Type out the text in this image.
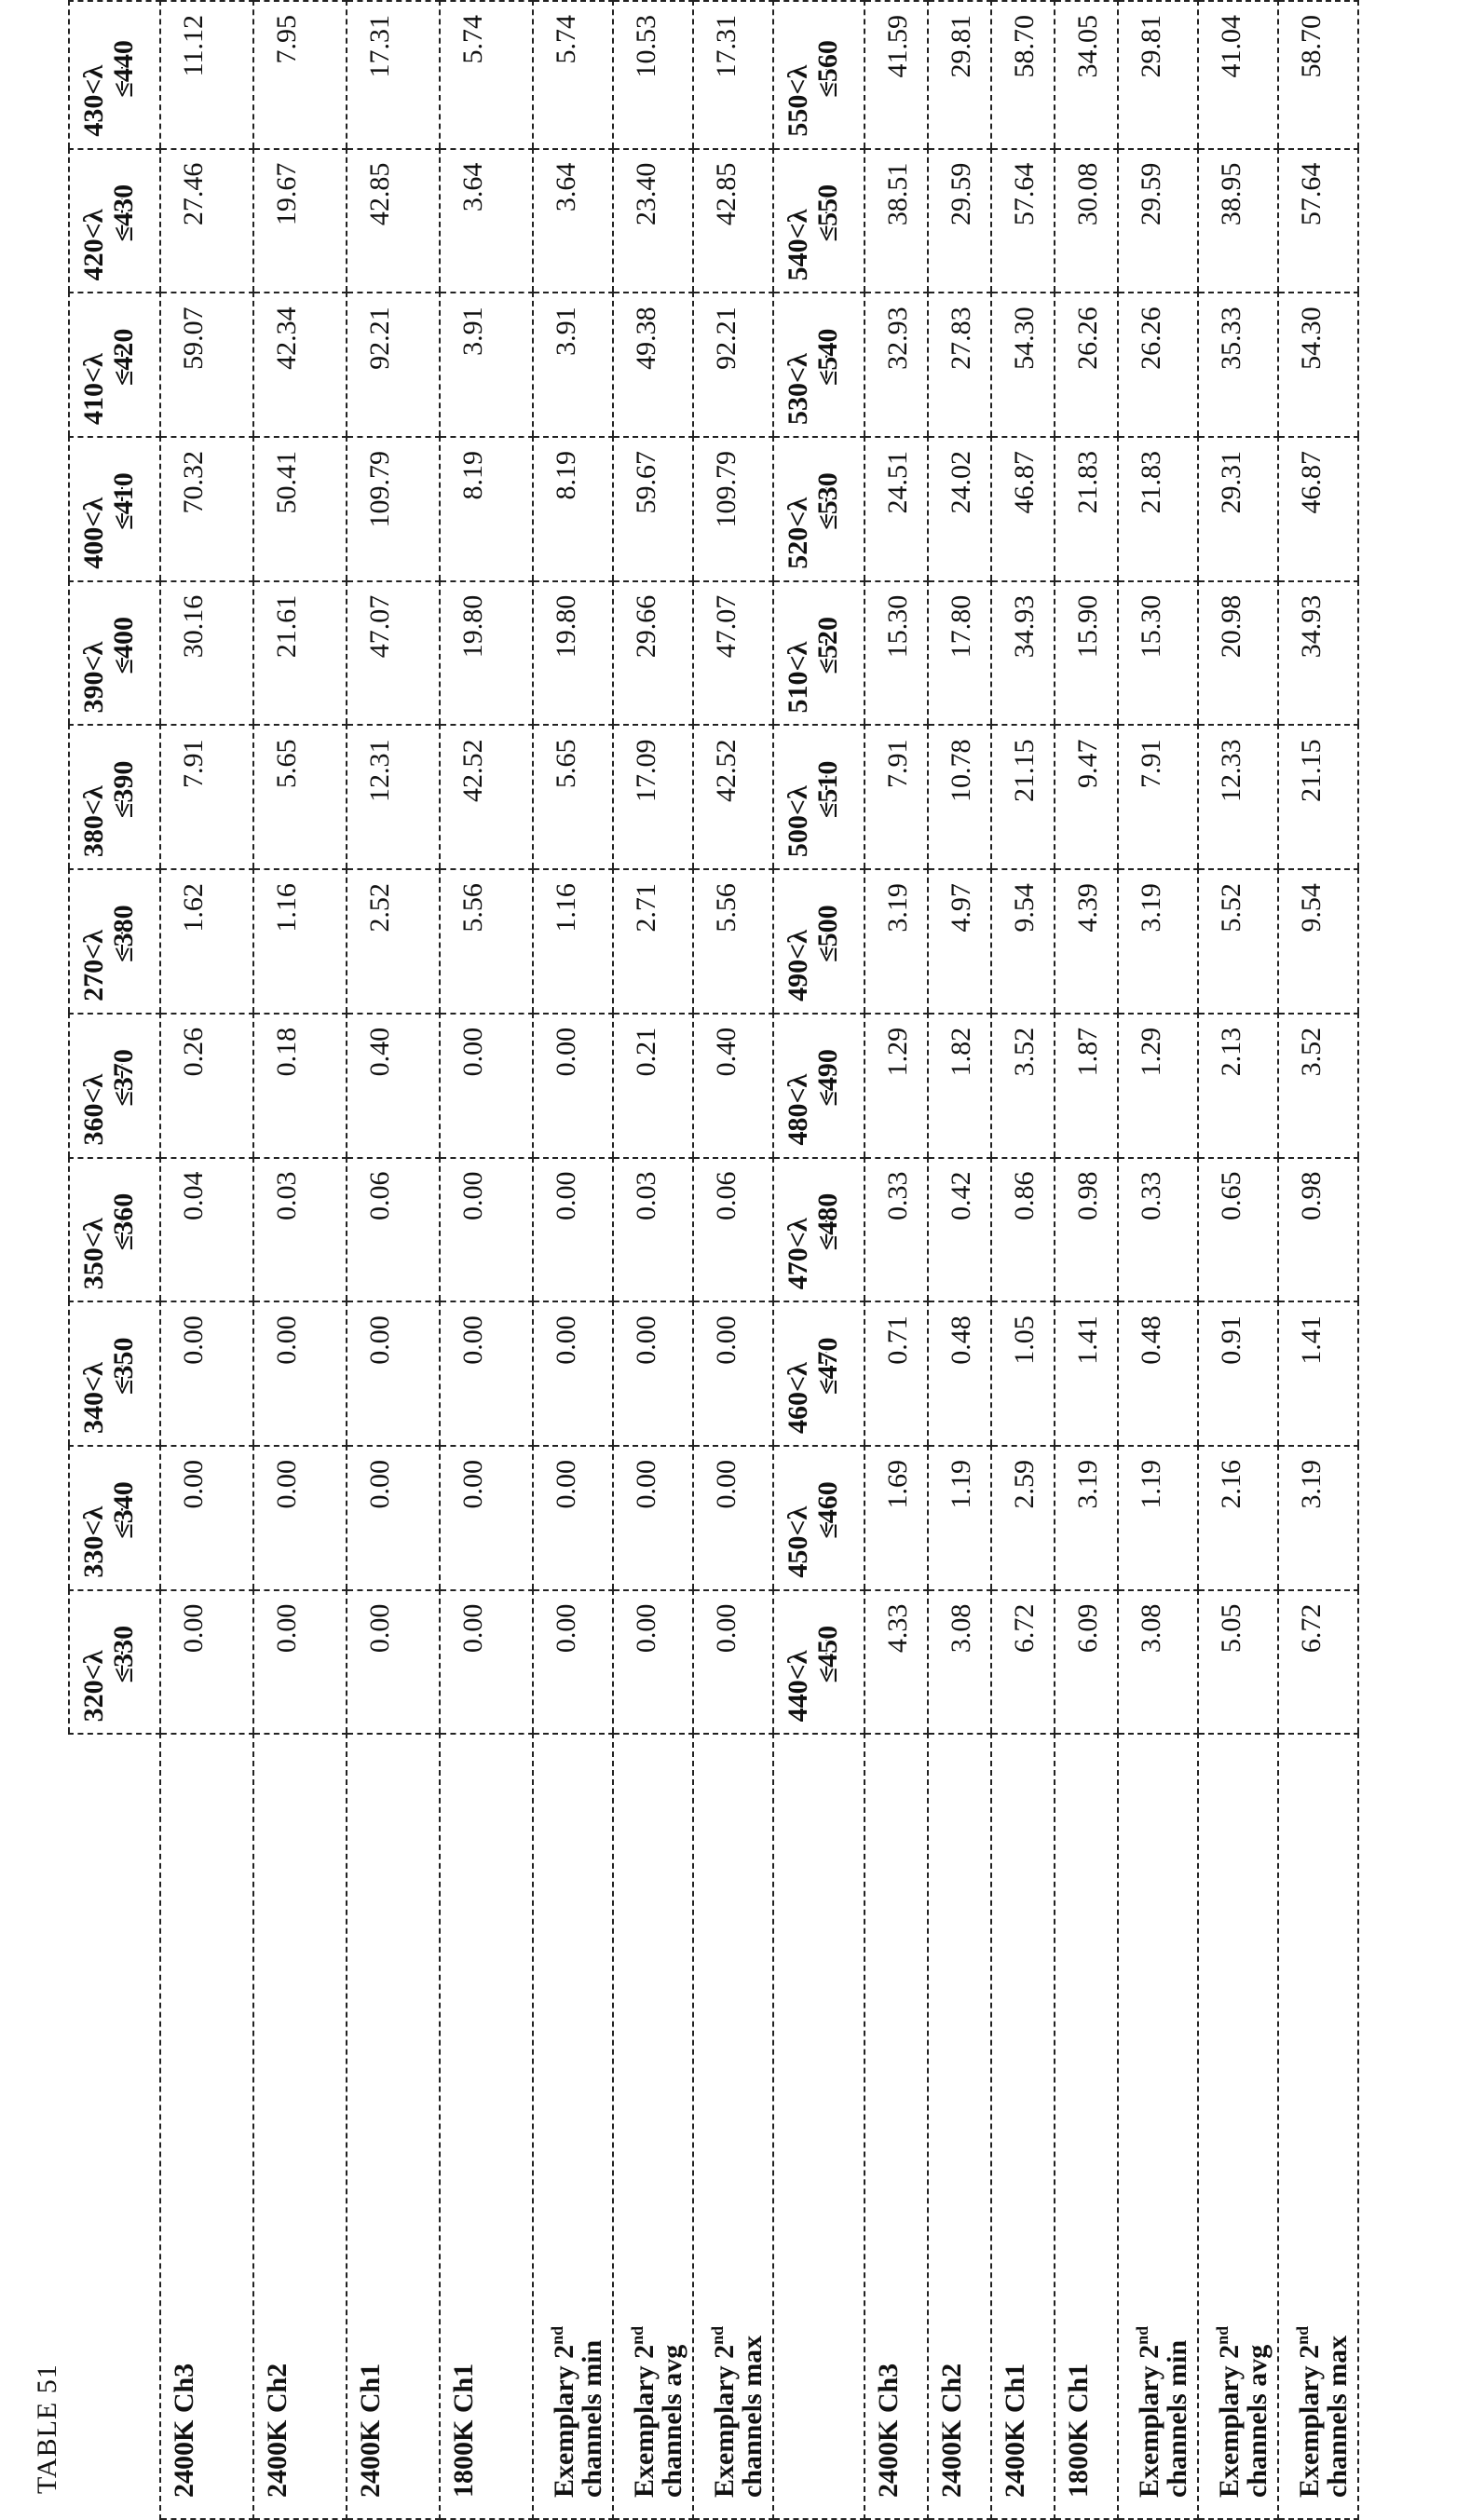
TABLE 51

	320<λ ≤330	330<λ ≤340	340<λ ≤350	350<λ ≤360	360<λ ≤370	270<λ ≤380	380<λ ≤390	390<λ ≤400	400<λ ≤410	410<λ ≤420	420<λ ≤430	430<λ ≤440

2400K Ch3	0.00	0.00	0.00	0.04	0.26	1.62	7.91	30.16	70.32	59.07	27.46	11.12
2400K Ch2	0.00	0.00	0.00	0.03	0.18	1.16	5.65	21.61	50.41	42.34	19.67	7.95
2400K Ch1	0.00	0.00	0.00	0.06	0.40	2.52	12.31	47.07	109.79	92.21	42.85	17.31
1800K Ch1	0.00	0.00	0.00	0.00	0.00	5.56	42.52	19.80	8.19	3.91	3.64	5.74
Exemplary 2nd
channels min	0.00	0.00	0.00	0.00	0.00	1.16	5.65	19.80	8.19	3.91	3.64	5.74
Exemplary 2nd
channels avg	0.00	0.00	0.00	0.03	0.21	2.71	17.09	29.66	59.67	49.38	23.40	10.53
Exemplary 2nd channels max	0.00	0.00	0.00	0.06	0.40	5.56	42.52	47.07	109.79	92.21	42.85	17.31

	440<λ ≤450	450<λ ≤460	460<λ ≤470	470<λ ≤480	480<λ ≤490	490<λ ≤500	500<λ ≤510	510<λ ≤520	520<λ ≤530	530<λ ≤540	540<λ ≤550	550<λ ≤560

2400K Ch3	4.33	1.69	0.71	0.33	1.29	3.19	7.91	15.30	24.51	32.93	38.51	41.59
2400K Ch2	3.08	1.19	0.48	0.42	1.82	4.97	10.78	17.80	24.02	27.83	29.59	29.81
2400K Ch1	6.72	2.59	1.05	0.86	3.52	9.54	21.15	34.93	46.87	54.30	57.64	58.70
1800K Ch1	6.09	3.19	1.41	0.98	1.87	4.39	9.47	15.90	21.83	26.26	30.08	34.05
Exemplary 2nd
channels min	3.08	1.19	0.48	0.33	1.29	3.19	7.91	15.30	21.83	26.26	29.59	29.81
Exemplary 2nd
channels avg	5.05	2.16	0.91	0.65	2.13	5.52	12.33	20.98	29.31	35.33	38.95	41.04
Exemplary 2nd channels max	6.72	3.19	1.41	0.98	3.52	9.54	21.15	34.93	46.87	54.30	57.64	58.70
